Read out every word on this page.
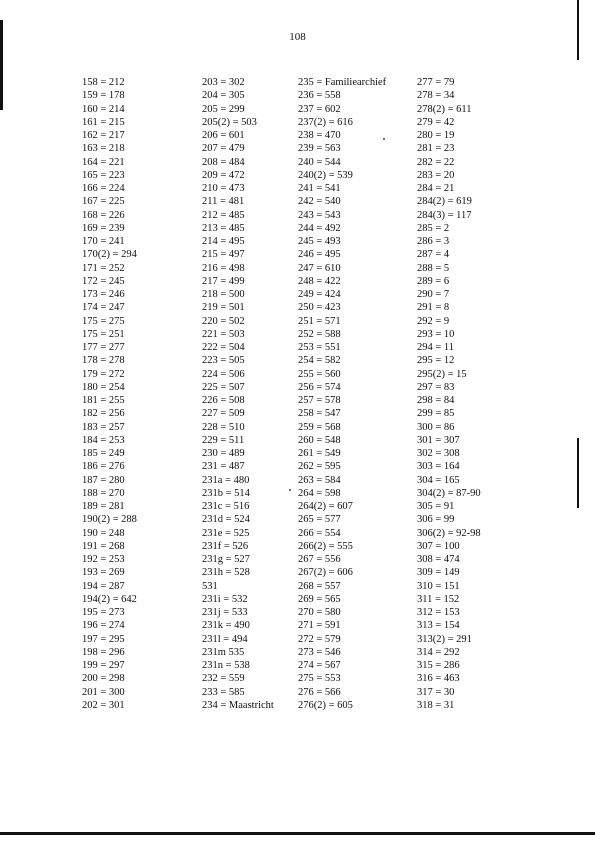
108
158 = 212
159 = 178
160 = 214
161 = 215
162 = 217
163 = 218
164 = 221
165 = 223
166 = 224
167 = 225
168 = 226
169 = 239
170 = 241
170(2) = 294
171 = 252
172 = 245
173 = 246
174 = 247
175 = 275
175 = 251
177 = 277
178 = 278
179 = 272
180 = 254
181 = 255
182 = 256
183 = 257
184 = 253
185 = 249
186 = 276
187 = 280
188 = 270
189 = 281
190(2) = 288
190 = 248
191 = 268
192 = 253
193 = 269
194 = 287
194(2) = 642
195 = 273
196 = 274
197 = 295
198 = 296
199 = 297
200 = 298
201 = 300
202 = 301
203 = 302
204 = 305
205 = 299
205(2) = 503
206 = 601
207 = 479
208 = 484
209 = 472
210 = 473
211 = 481
212 = 485
213 = 485
214 = 495
215 = 497
216 = 498
217 = 499
218 = 500
219 = 501
220 = 502
221 = 503
222 = 504
223 = 505
224 = 506
225 = 507
226 = 508
227 = 509
228 = 510
229 = 511
230 = 489
231 = 487
231a = 480
231b = 514
231c = 516
231d = 524
231e = 525
231f = 526
231g = 527
231h = 528
531
231i = 532
231j = 533
231k = 490
231l = 494
231m 535
231n = 538
232 = 559
233 = 585
234 = Maastricht
235 = Familiearchief
236 = 558
237 = 602
237(2) = 616
238 = 470
239 = 563
240 = 544
240(2) = 539
241 = 541
242 = 540
243 = 543
244 = 492
245 = 493
246 = 495
247 = 610
248 = 422
249 = 424
250 = 423
251 = 571
252 = 588
253 = 551
254 = 582
255 = 560
256 = 574
257 = 578
258 = 547
259 = 568
260 = 548
261 = 549
262 = 595
263 = 584
264 = 598
264(2) = 607
265 = 577
266 = 554
266(2) = 555
267 = 556
267(2) = 606
268 = 557
269 = 565
270 = 580
271 = 591
272 = 579
273 = 546
274 = 567
275 = 553
276 = 566
276(2) = 605
277 = 79
278 = 34
278(2) = 611
279 = 42
280 = 19
281 = 23
282 = 22
283 = 20
284 = 21
284(2) = 619
284(3) = 117
285 = 2
286 = 3
287 = 4
288 = 5
289 = 6
290 = 7
291 = 8
292 = 9
293 = 10
294 = 11
295 = 12
295(2) = 15
297 = 83
298 = 84
299 = 85
300 = 86
301 = 307
302 = 308
303 = 164
304 = 165
304(2) = 87-90
305 = 91
306 = 99
306(2) = 92-98
307 = 100
308 = 474
309 = 149
310 = 151
311 = 152
312 = 153
313 = 154
313(2) = 291
314 = 292
315 = 286
316 = 463
317 = 30
318 = 31
